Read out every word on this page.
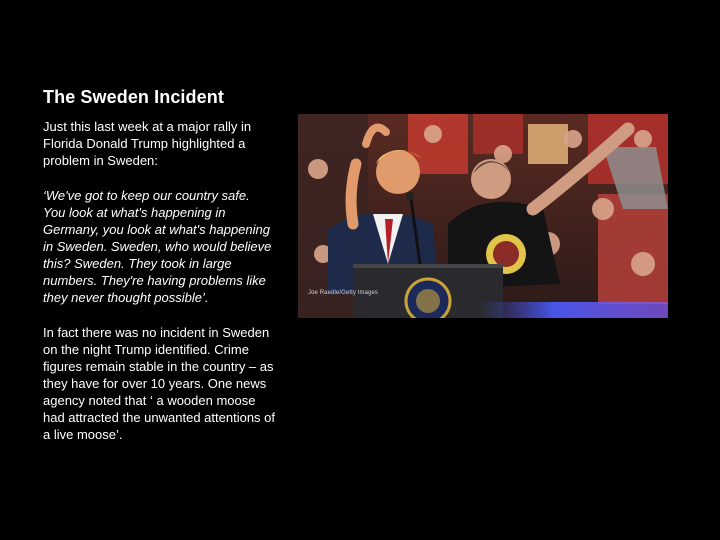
The Sweden Incident

Just this last week at a major rally in Florida Donald Trump highlighted a problem in Sweden:

‘We've got to keep our country safe. You look at what's happening in Germany, you look at what's happening in Sweden. Sweden, who would believe this? Sweden. They took in large numbers. They're having problems like they never thought possible’.

In fact there was no incident in Sweden on the night Trump identified. Crime figures remain stable in the country – as they have for over 10 years. One news agency noted that ‘ a wooden moose had attracted the unwanted attentions of a live moose’.

Joe Raedle/Getty Images
